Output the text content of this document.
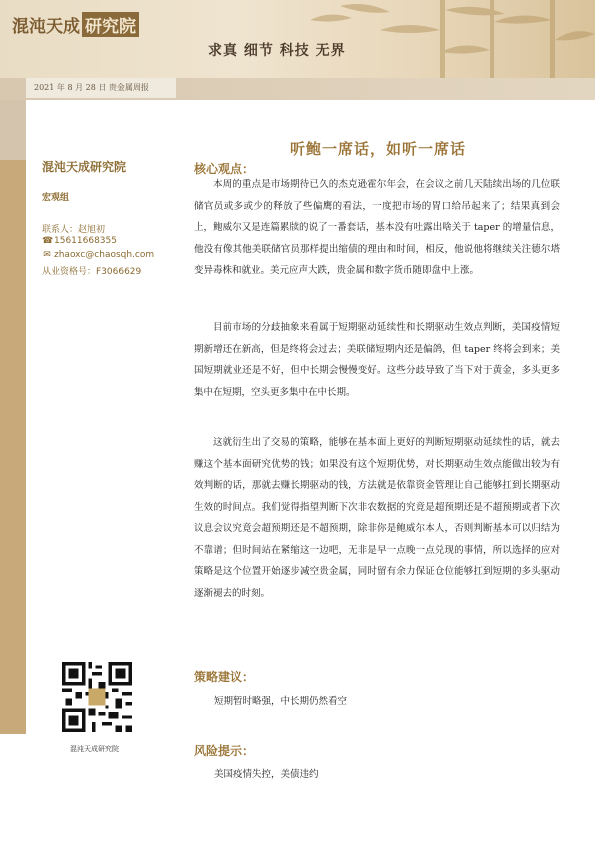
混沌天成 研究院
求真 细节 科技 无界
2021 年 8 月 28 日 贵金属周报
混沌天成研究院
宏观组
联系人：赵旭初
☎15611668355
✉ zhaoxc@chaosqh.com
从业资格号：F3066629
混沌天成研究院
听鲍一席话，如听一席话
核心观点：

本周的重点是市场期待已久的杰克逊霍尔年会，在会议之前几天陆续出场的几位联储官员或多或少的释放了些偏鹰的看法，一度把市场的胃口给吊起来了；结果真到会上，鲍威尔又是连篇累牍的说了一番套话，基本没有吐露出啥关于 taper 的增量信息，他没有像其他美联储官员那样提出缩债的理由和时间，相反，他说他将继续关注德尔塔变异毒株和就业。美元应声大跌，贵金属和数字货币随即盘中上涨。

目前市场的分歧抽象来看属于短期驱动延续性和长期驱动生效点判断，美国疫情短期新增还在新高，但是终将会过去；美联储短期内还是偏鸽，但 taper 终将会到来；美国短期就业还是不好，但中长期会慢慢变好。这些分歧导致了当下对于黄金，多头更多集中在短期，空头更多集中在中长期。

这就衍生出了交易的策略，能够在基本面上更好的判断短期驱动延续性的话，就去赚这个基本面研究优势的钱；如果没有这个短期优势，对长期驱动生效点能做出较为有效判断的话，那就去赚长期驱动的钱，方法就是依靠资金管理让自己能够扛到长期驱动生效的时间点。我们觉得指望判断下次非农数据的究竟是超预期还是不超预期或者下次议息会议究竟会超预期还是不超预期，除非你是鲍威尔本人，否则判断基本可以归结为不靠谱；但时间站在紧缩这一边吧，无非是早一点晚一点兑现的事情，所以选择的应对策略是这个位置开始逐步减空贵金属，同时留有余力保证仓位能够扛到短期的多头驱动逐渐褪去的时刻。

策略建议：

短期暂时略强，中长期仍然看空

风险提示：

美国疫情失控，美债违约
